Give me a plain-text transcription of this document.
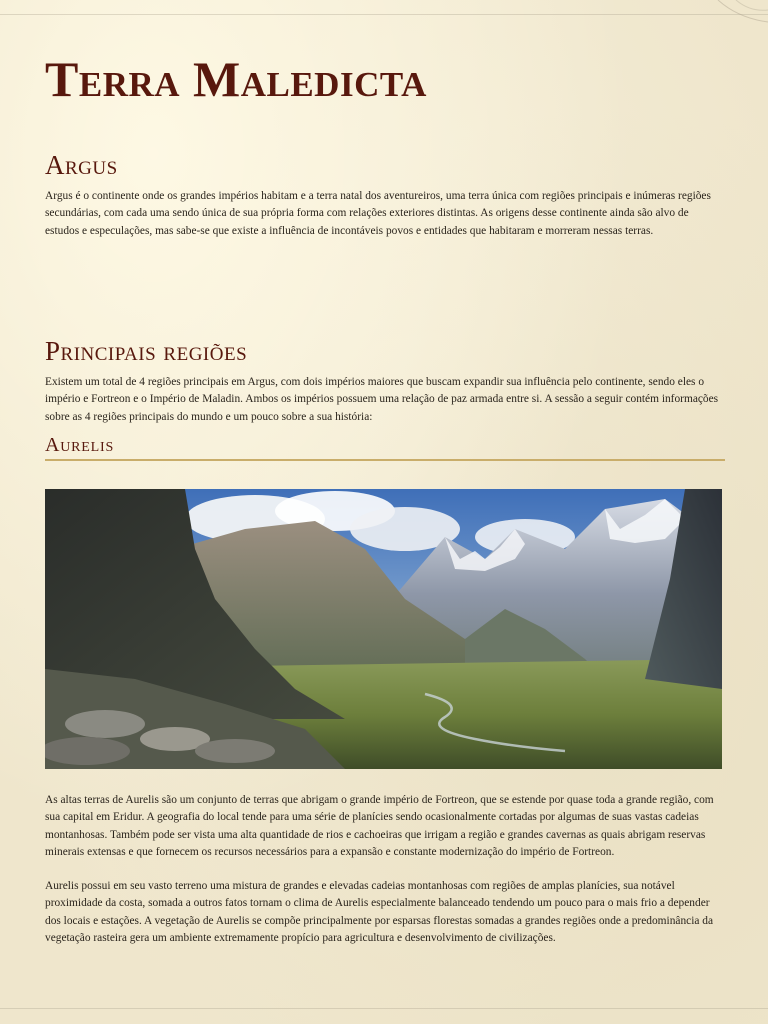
Terra Maledicta
Argus

Argus é o continente onde os grandes impérios habitam e a terra natal dos aventureiros, uma terra única com regiões principais e inúmeras regiões secundárias, com cada uma sendo única de sua própria forma com relações exteriores distintas. As origens desse continente ainda são alvo de estudos e especulações, mas sabe-se que existe a influência de incontáveis povos e entidades que habitaram e morreram nessas terras.

Principais regiões

Existem um total de 4 regiões principais em Argus, com dois impérios maiores que buscam expandir sua influência pelo continente, sendo eles o império e Fortreon e o Império de Maladin. Ambos os impérios possuem uma relação de paz armada entre si. A sessão a seguir contém informações sobre as 4 regiões principais do mundo e um pouco sobre a sua história:

Aurelis

As altas terras de Aurelis são um conjunto de terras que abrigam o grande império de Fortreon, que se estende por quase toda a grande região, com sua capital em Eridur. A geografia do local tende para uma série de planícies sendo ocasionalmente cortadas por algumas de suas vastas cadeias montanhosas. Também pode ser vista uma alta quantidade de rios e cachoeiras que irrigam a região e grandes cavernas as quais abrigam reservas minerais extensas e que fornecem os recursos necessários para a expansão e constante modernização do império de Fortreon.

Aurelis possui em seu vasto terreno uma mistura de grandes e elevadas cadeias montanhosas com regiões de amplas planícies, sua notável proximidade da costa, somada a outros fatos tornam o clima de Aurelis especialmente balanceado tendendo um pouco para o mais frio a depender dos locais e estações. A vegetação de Aurelis se compõe principalmente por esparsas florestas somadas a grandes regiões onde a predominância da vegetação rasteira gera um ambiente extremamente propício para agricultura e desenvolvimento de civilizações.
